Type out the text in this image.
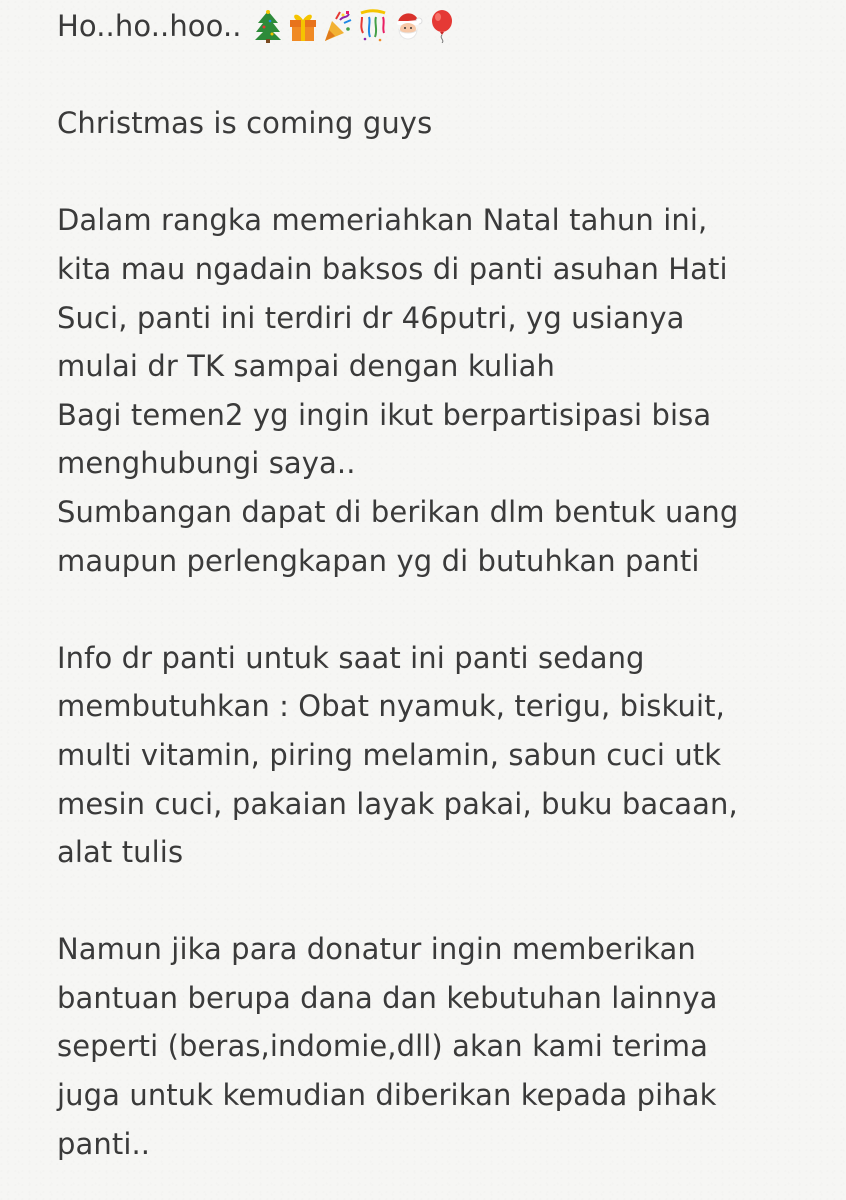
Ho..ho..hoo..
Christmas is coming guys
Dalam rangka memeriahkan Natal tahun ini,
kita mau ngadain baksos di panti asuhan Hati
Suci, panti ini terdiri dr 46putri, yg usianya
mulai dr TK sampai dengan kuliah
Bagi temen2 yg ingin ikut berpartisipasi bisa
menghubungi saya..
Sumbangan dapat di berikan dlm bentuk uang
maupun perlengkapan yg di butuhkan panti
Info dr panti untuk saat ini panti sedang
membutuhkan : Obat nyamuk, terigu, biskuit,
multi vitamin, piring melamin, sabun cuci utk
mesin cuci, pakaian layak pakai, buku bacaan,
alat tulis
Namun jika para donatur ingin memberikan
bantuan berupa dana dan kebutuhan lainnya
seperti (beras,indomie,dll) akan kami terima
juga untuk kemudian diberikan kepada pihak
panti..
